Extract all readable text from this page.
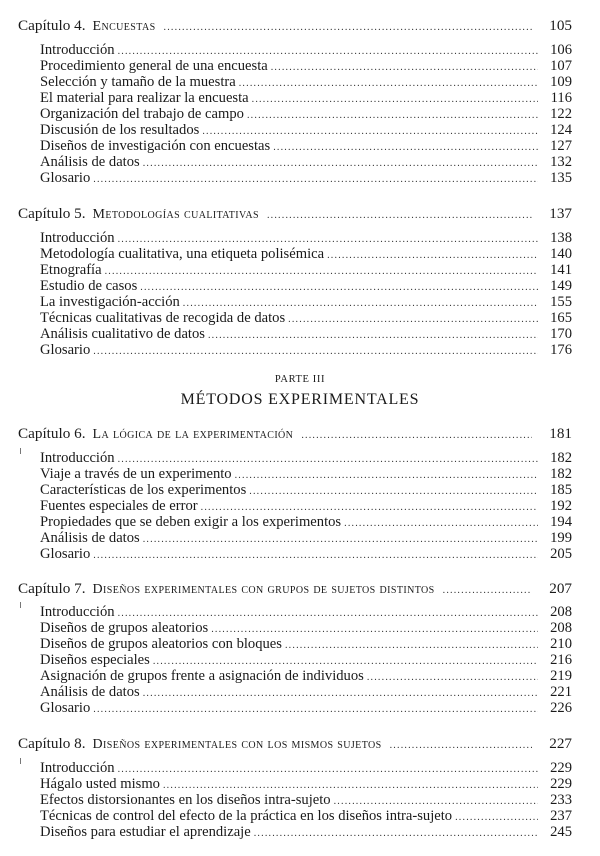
Capítulo 4. Encuestas .....	105
Introducción .....	106
Procedimiento general de una encuesta .....	107
Selección y tamaño de la muestra .....	109
El material para realizar la encuesta .....	116
Organización del trabajo de campo .....	122
Discusión de los resultados .....	124
Diseños de investigación con encuestas .....	127
Análisis de datos .....	132
Glosario .....	135
Capítulo 5. Metodologías cualitativas .....	137
Introducción .....	138
Metodología cualitativa, una etiqueta polisémica .....	140
Etnografía .....	141
Estudio de casos .....	149
La investigación-acción .....	155
Técnicas cualitativas de recogida de datos .....	165
Análisis cualitativo de datos .....	170
Glosario .....	176
PARTE III
MÉTODOS EXPERIMENTALES
Capítulo 6. La lógica de la experimentación .....	181
Introducción .....	182
Viaje a través de un experimento .....	182
Características de los experimentos .....	185
Fuentes especiales de error .....	192
Propiedades que se deben exigir a los experimentos .....	194
Análisis de datos .....	199
Glosario .....	205
Capítulo 7. Diseños experimentales con grupos de sujetos distintos .....	207
Introducción .....	208
Diseños de grupos aleatorios .....	208
Diseños de grupos aleatorios con bloques .....	210
Diseños especiales .....	216
Asignación de grupos frente a asignación de individuos .....	219
Análisis de datos .....	221
Glosario .....	226
Capítulo 8. Diseños experimentales con los mismos sujetos .....	227
Introducción .....	229
Hágalo usted mismo .....	229
Efectos distorsionantes en los diseños intra-sujeto .....	233
Técnicas de control del efecto de la práctica en los diseños intra-sujeto .....	237
Diseños para estudiar el aprendizaje .....	245
